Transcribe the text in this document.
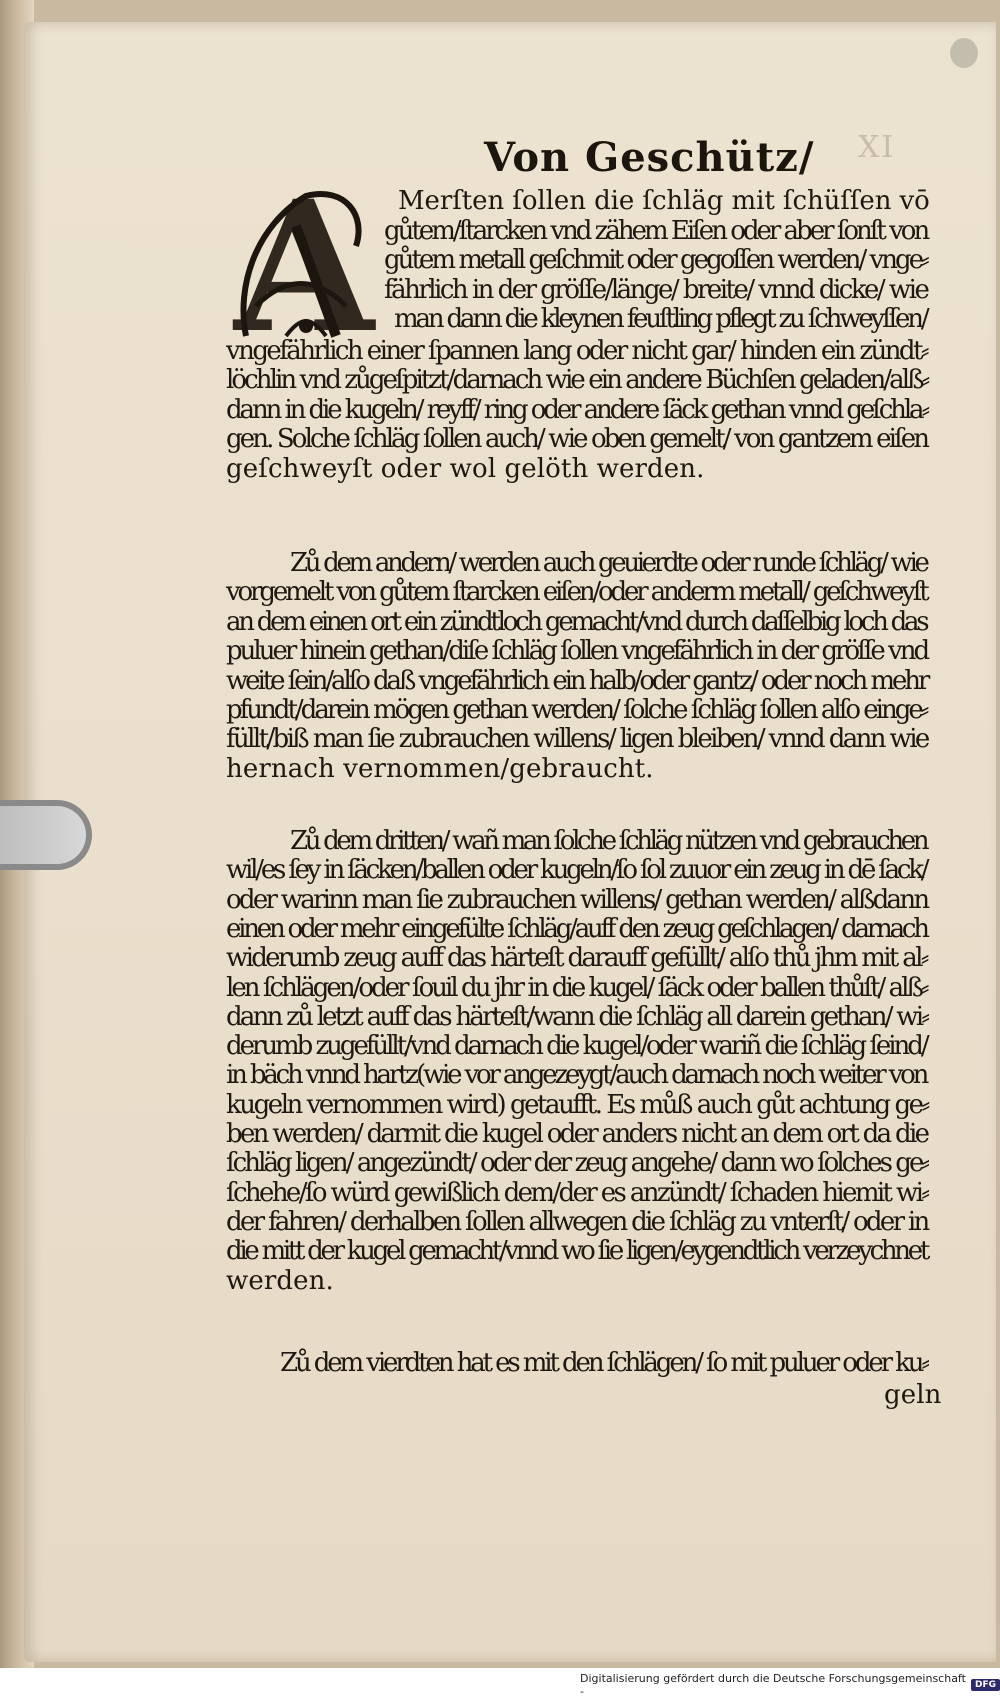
XI
Von Geschütz/
A Merſten ſollen die ſchläg mit ſchüſſen vō
gůtem/ſtarcken vnd zähem Eiſen oder aber ſonſt von
gůtem metall geſchmit oder gegoſſen werden/ vnge⸗
fährlich in der gröſſe/länge/ breite/ vnnd dicke/ wie
man dann die kleynen feuſtling pflegt zu ſchweyſſen/
vngefährlich einer ſpannen lang oder nicht gar/ hinden ein zündt⸗
löchlin vnd zůgeſpitzt/darnach wie ein andere Büchſen geladen/alß⸗
dann in die kugeln/ reyff/ ring oder andere ſäck gethan vnnd geſchla⸗
gen. Solche ſchläg ſollen auch/ wie oben gemelt/ von gantzem eiſen
geſchweyſt oder wol gelöth werden.
Zů dem andern/ werden auch geuierdte oder runde ſchläg/ wie
vorgemelt von gůtem ſtarcken eiſen/oder anderm metall/ geſchweyſt
an dem einen ort ein zündtloch gemacht/vnd durch daſſelbig loch das
puluer hinein gethan/diſe ſchläg ſollen vngefährlich in der gröſſe vnd
weite ſein/alſo daß vngefährlich ein halb/oder gantz/ oder noch mehr
pfundt/darein mögen gethan werden/ ſolche ſchläg ſollen alſo einge⸗
füllt/biß man ſie zubrauchen willens/ ligen bleiben/ vnnd dann wie
hernach vernommen/gebraucht.
Zů dem dritten/ wañ man ſolche ſchläg nützen vnd gebrauchen
wil/es ſey in ſäcken/ballen oder kugeln/ſo ſol zuuor ein zeug in dē ſack/
oder warinn man ſie zubrauchen willens/ gethan werden/ alßdann
einen oder mehr eingefülte ſchläg/auff den zeug geſchlagen/ darnach
widerumb zeug auff das härteſt darauff gefüllt/ alſo thů jhm mit al⸗
len ſchlägen/oder ſouil du jhr in die kugel/ ſäck oder ballen thůſt/ alß⸗
dann zů letzt auff das härteſt/wann die ſchläg all darein gethan/ wi⸗
derumb zugefüllt/vnd darnach die kugel/oder wariñ die ſchläg ſeind/
in bäch vnnd hartz(wie vor angezeygt/auch darnach noch weiter von
kugeln vernommen wird) getaufft. Es můß auch gůt achtung ge⸗
ben werden/ darmit die kugel oder anders nicht an dem ort da die
ſchläg ligen/ angezündt/ oder der zeug angehe/ dann wo ſolches ge⸗
ſchehe/ſo würd gewißlich dem/der es anzündt/ ſchaden hiemit wi⸗
der fahren/ derhalben ſollen allwegen die ſchläg zu vnterſt/ oder in
die mitt der kugel gemacht/vnnd wo ſie ligen/eygendtlich verzeychnet
werden.
Zů dem vierdten hat es mit den ſchlägen/ ſo mit puluer oder ku⸗
geln
Digitalisierung gefördert durch die Deutsche Forschungsgemeinschaft -	DFG
